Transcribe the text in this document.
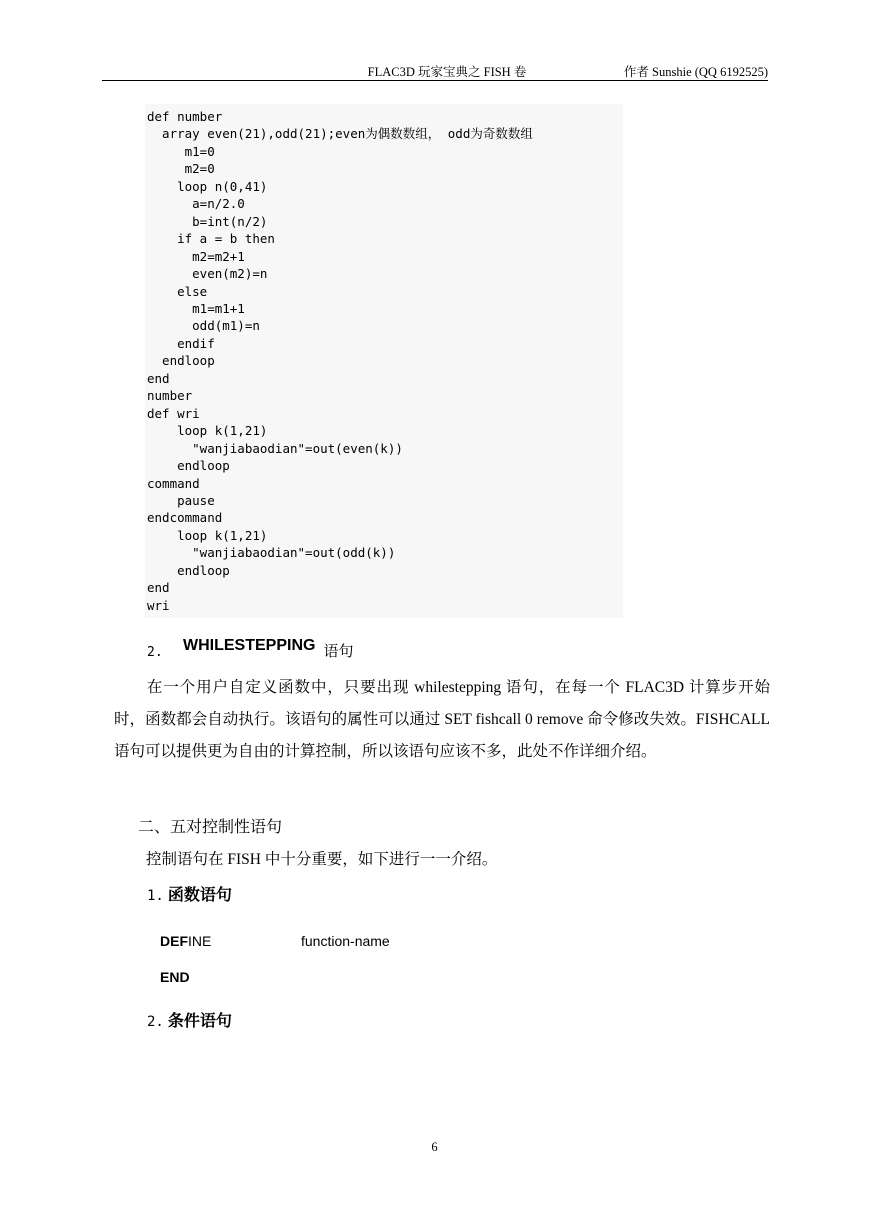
FLAC3D 玩家宝典之 FISH 卷	作者 Sunshie (QQ 6192525)
def number
array even(21),odd(21);even为偶数数组， odd为奇数数组
m1=0
m2=0
loop n(0,41)
a=n/2.0
b=int(n/2)
if a = b then
m2=m2+1
even(m2)=n
else
m1=m1+1
odd(m1)=n
endif
endloop
end
number
def wri
loop k(1,21)
"wanjiabaodian"=out(even(k))
endloop
command
pause
endcommand
loop k(1,21)
"wanjiabaodian"=out(odd(k))
endloop
end
wri
2. WHILESTEPPING 语句
在一个用户自定义函数中，只要出现 whilestepping 语句，在每一个 FLAC3D 计算步开始时，函数都会自动执行。该语句的属性可以通过 SET fishcall 0 remove 命令修改失效。FISHCALL 语句可以提供更为自由的计算控制，所以该语句应该不多，此处不作详细介绍。
二、五对控制性语句
控制语句在 FISH 中十分重要，如下进行一一介绍。
1. 函数语句
DEFINE	function-name
END
2. 条件语句
6
